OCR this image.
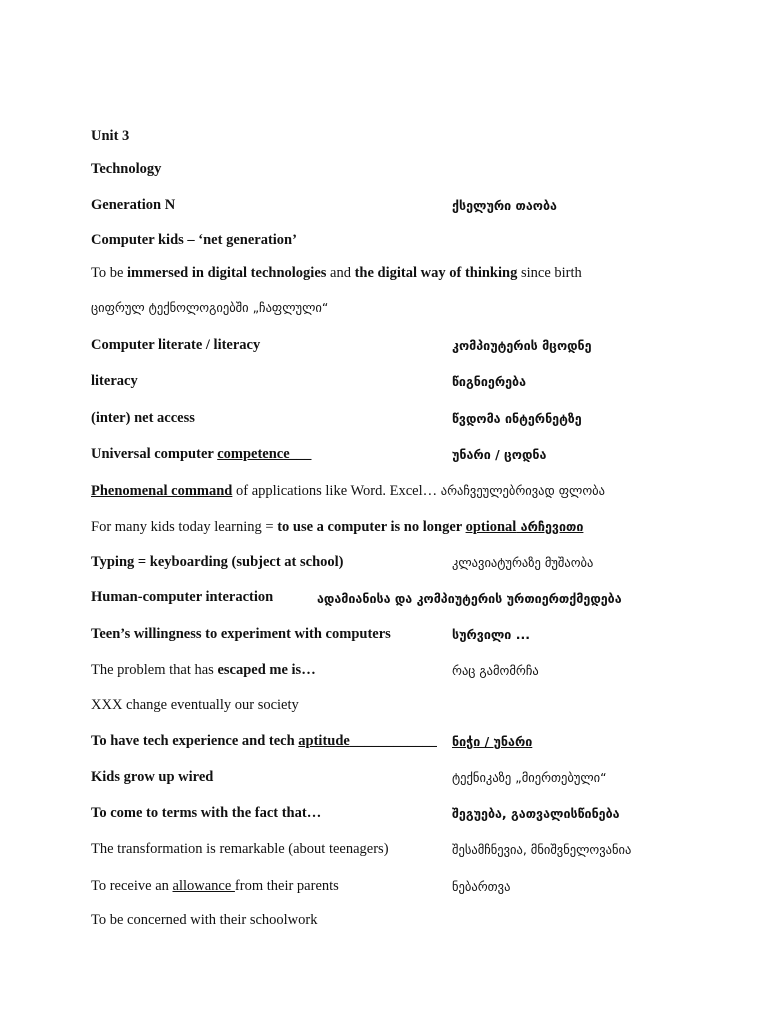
Unit 3
Technology
Generation N	ქსელური თაობა
Computer kids – ‘net generation’
To be immersed in digital technologies and the digital way of thinking since birth
ციფრულ ტექნოლოგიებში „ჩაფლული“
Computer literate / literacy	კომპიუტერის მცოდნე
literacy	წიგნიერება
(inter) net access	წვდომა ინტერნეტზე
Universal computer competence___	უნარი / ცოდნა
Phenomenal command of applications like Word. Excel… არაჩვეულებრივად ფლობა
For many kids today learning = to use a computer is no longer optional არჩევითი
Typing = keyboarding (subject at school)	კლავიატურაზე მუშაობა
Human-computer interaction	ადამიანისა და კომპიუტერის ურთიერთქმედება
Teen’s willingness to experiment with computers	სურვილი ...
The problem that has escaped me is…	რაც გამომრჩა
XXX change eventually our society
To have tech experience and tech aptitude____________ ნიჭი / უნარი
Kids grow up wired	ტექნიკაზე „მიერთებული“
To come to terms with the fact that…	შეგუება, გათვალისწინება
The transformation is remarkable (about teenagers)	შესამჩნევია, მნიშვნელოვანია
To receive an allowance from their parents	ნებართვა
To be concerned with their schoolwork
